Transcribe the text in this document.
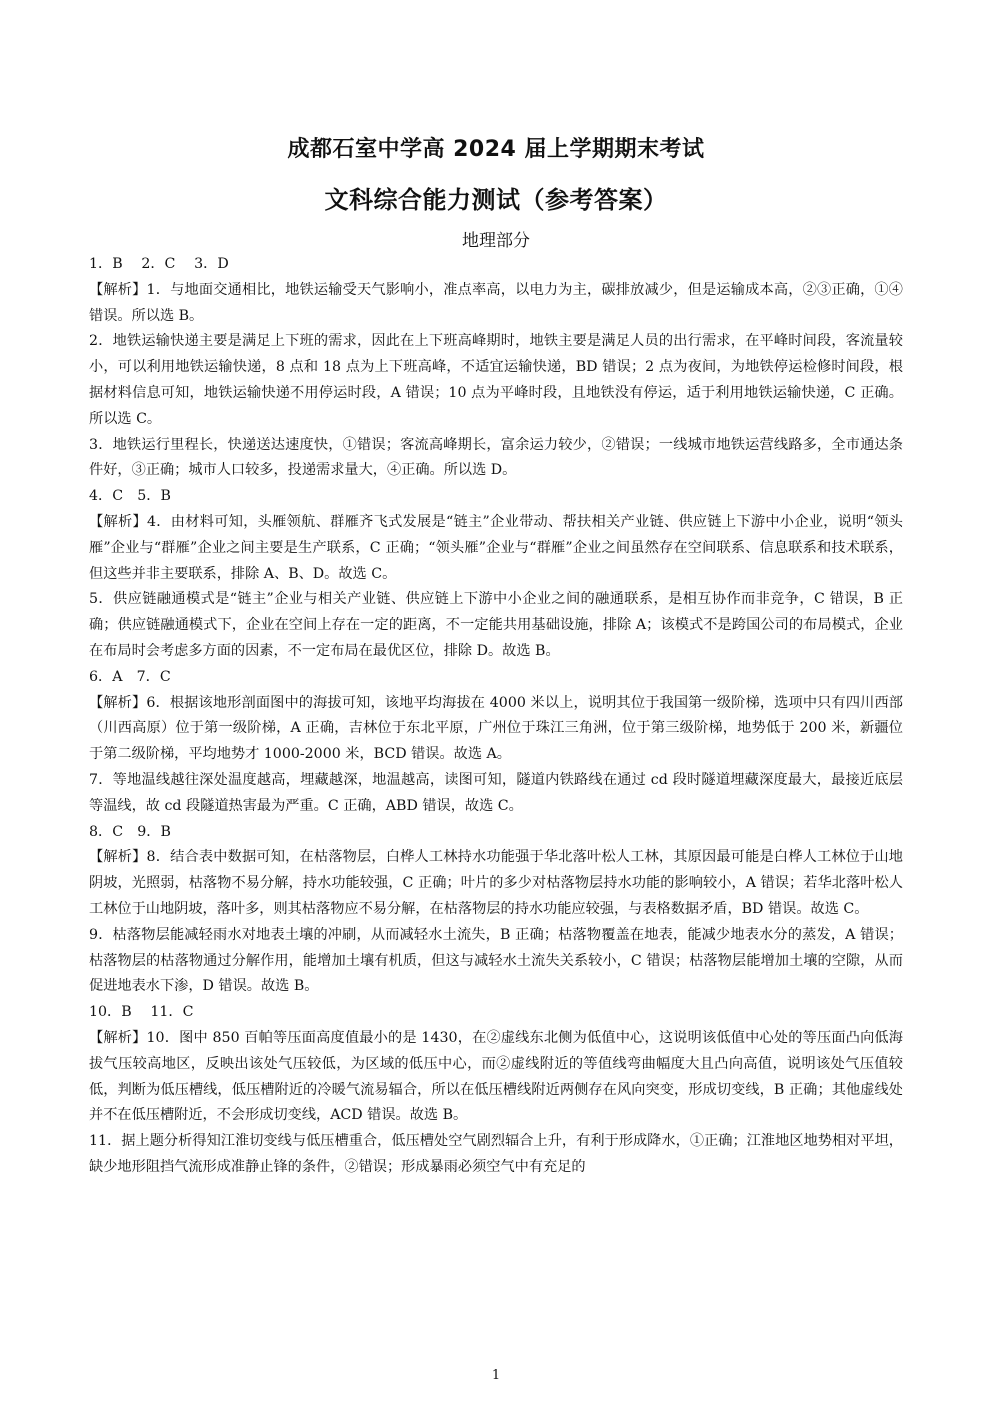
成都石室中学高 2024 届上学期期末考试
文科综合能力测试（参考答案）
地理部分

1．B　 2．C　 3．D

【解析】1．与地面交通相比，地铁运输受天气影响小，准点率高，以电力为主，碳排放减少，但是运输成本高，②③正确，①④错误。所以选 B。

2．地铁运输快递主要是满足上下班的需求，因此在上下班高峰期时，地铁主要是满足人员的出行需求，在平峰时间段，客流量较小，可以利用地铁运输快递，8 点和 18 点为上下班高峰，不适宜运输快递，BD 错误；2 点为夜间，为地铁停运检修时间段，根据材料信息可知，地铁运输快递不用停运时段，A 错误；10 点为平峰时段，且地铁没有停运，适于利用地铁运输快递，C 正确。所以选 C。

3．地铁运行里程长，快递送达速度快，①错误；客流高峰期长，富余运力较少，②错误；一线城市地铁运营线路多，全市通达条件好，③正确；城市人口较多，投递需求量大，④正确。所以选 D。

4．C　5．B

【解析】4．由材料可知，头雁领航、群雁齐飞式发展是“链主”企业带动、帮扶相关产业链、供应链上下游中小企业，说明“领头雁”企业与“群雁”企业之间主要是生产联系，C 正确；“领头雁”企业与“群雁”企业之间虽然存在空间联系、信息联系和技术联系，但这些并非主要联系，排除 A、B、D。故选 C。

5．供应链融通模式是“链主”企业与相关产业链、供应链上下游中小企业之间的融通联系，是相互协作而非竞争，C 错误，B 正确；供应链融通模式下，企业在空间上存在一定的距离，不一定能共用基础设施，排除 A；该模式不是跨国公司的布局模式，企业在布局时会考虑多方面的因素，不一定布局在最优区位，排除 D。故选 B。

6．A　7．C

【解析】6．根据该地形剖面图中的海拔可知，该地平均海拔在 4000 米以上，说明其位于我国第一级阶梯，选项中只有四川西部（川西高原）位于第一级阶梯，A 正确，吉林位于东北平原，广州位于珠江三角洲，位于第三级阶梯，地势低于 200 米，新疆位于第二级阶梯，平均地势才 1000-2000 米，BCD 错误。故选 A。

7．等地温线越往深处温度越高，埋藏越深，地温越高，读图可知，隧道内铁路线在通过 cd 段时隧道埋藏深度最大，最接近底层等温线，故 cd 段隧道热害最为严重。C 正确，ABD 错误，故选 C。

8．C　9．B

【解析】8．结合表中数据可知，在枯落物层，白桦人工林持水功能强于华北落叶松人工林，其原因最可能是白桦人工林位于山地阴坡，光照弱，枯落物不易分解，持水功能较强，C 正确；叶片的多少对枯落物层持水功能的影响较小，A 错误；若华北落叶松人工林位于山地阴坡，落叶多，则其枯落物应不易分解，在枯落物层的持水功能应较强，与表格数据矛盾，BD 错误。故选 C。

9．枯落物层能减轻雨水对地表土壤的冲刷，从而减轻水土流失，B 正确；枯落物覆盖在地表，能减少地表水分的蒸发，A 错误；枯落物层的枯落物通过分解作用，能增加土壤有机质，但这与减轻水土流失关系较小，C 错误；枯落物层能增加土壤的空隙，从而促进地表水下渗，D 错误。故选 B。

10．B　 11．C

【解析】10．图中 850 百帕等压面高度值最小的是 1430，在②虚线东北侧为低值中心，这说明该低值中心处的等压面凸向低海拔气压较高地区，反映出该处气压较低，为区域的低压中心，而②虚线附近的等值线弯曲幅度大且凸向高值，说明该处气压值较低，判断为低压槽线，低压槽附近的冷暖气流易辐合，所以在低压槽线附近两侧存在风向突变，形成切变线，B 正确；其他虚线处并不在低压槽附近，不会形成切变线，ACD 错误。故选 B。

11．据上题分析得知江淮切变线与低压槽重合，低压槽处空气剧烈辐合上升，有利于形成降水，①正确；江淮地区地势相对平坦，缺少地形阻挡气流形成准静止锋的条件，②错误；形成暴雨必须空气中有充足的

1
